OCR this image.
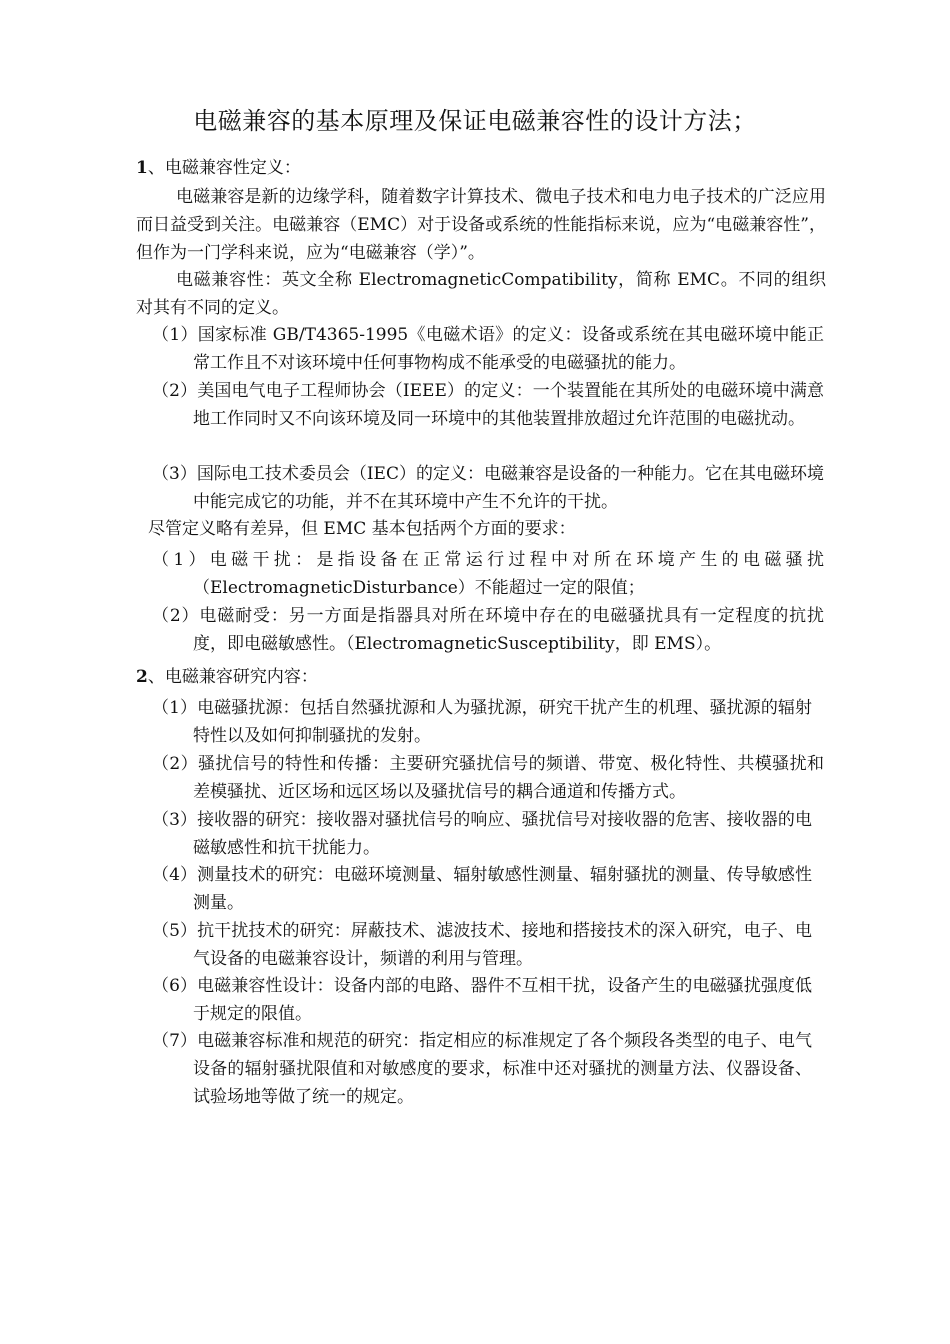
电磁兼容的基本原理及保证电磁兼容性的设计方法；
1、电磁兼容性定义：

电磁兼容是新的边缘学科，随着数字计算技术、微电子技术和电力电子技术的广泛应用而日益受到关注。电磁兼容（EMC）对于设备或系统的性能指标来说，应为“电磁兼容性”，但作为一门学科来说，应为“电磁兼容（学）”。

电磁兼容性：英文全称 ElectromagneticCompatibility，简称 EMC。不同的组织对其有不同的定义。

（1）国家标准 GB/T4365-1995《电磁术语》的定义：设备或系统在其电磁环境中能正常工作且不对该环境中任何事物构成不能承受的电磁骚扰的能力。

（2）美国电气电子工程师协会（IEEE）的定义：一个装置能在其所处的电磁环境中满意地工作同时又不向该环境及同一环境中的其他装置排放超过允许范围的电磁扰动。

（3）国际电工技术委员会（IEC）的定义：电磁兼容是设备的一种能力。它在其电磁环境中能完成它的功能，并不在其环境中产生不允许的干扰。

尽管定义略有差异，但 EMC 基本包括两个方面的要求：

（1）电磁干扰：是指设备在正常运行过程中对所在环境产生的电磁骚扰（ElectromagneticDisturbance）不能超过一定的限值；

（2）电磁耐受：另一方面是指器具对所在环境中存在的电磁骚扰具有一定程度的抗扰度，即电磁敏感性。（ElectromagneticSusceptibility，即 EMS）。

2、电磁兼容研究内容：

（1）电磁骚扰源：包括自然骚扰源和人为骚扰源，研究干扰产生的机理、骚扰源的辐射特性以及如何抑制骚扰的发射。

（2）骚扰信号的特性和传播：主要研究骚扰信号的频谱、带宽、极化特性、共模骚扰和差模骚扰、近区场和远区场以及骚扰信号的耦合通道和传播方式。

（3）接收器的研究：接收器对骚扰信号的响应、骚扰信号对接收器的危害、接收器的电磁敏感性和抗干扰能力。

（4）测量技术的研究：电磁环境测量、辐射敏感性测量、辐射骚扰的测量、传导敏感性测量。

（5）抗干扰技术的研究：屏蔽技术、滤波技术、接地和搭接技术的深入研究，电子、电气设备的电磁兼容设计，频谱的利用与管理。

（6）电磁兼容性设计：设备内部的电路、器件不互相干扰，设备产生的电磁骚扰强度低于规定的限值。

（7）电磁兼容标准和规范的研究：指定相应的标准规定了各个频段各类型的电子、电气设备的辐射骚扰限值和对敏感度的要求，标准中还对骚扰的测量方法、仪器设备、试验场地等做了统一的规定。
